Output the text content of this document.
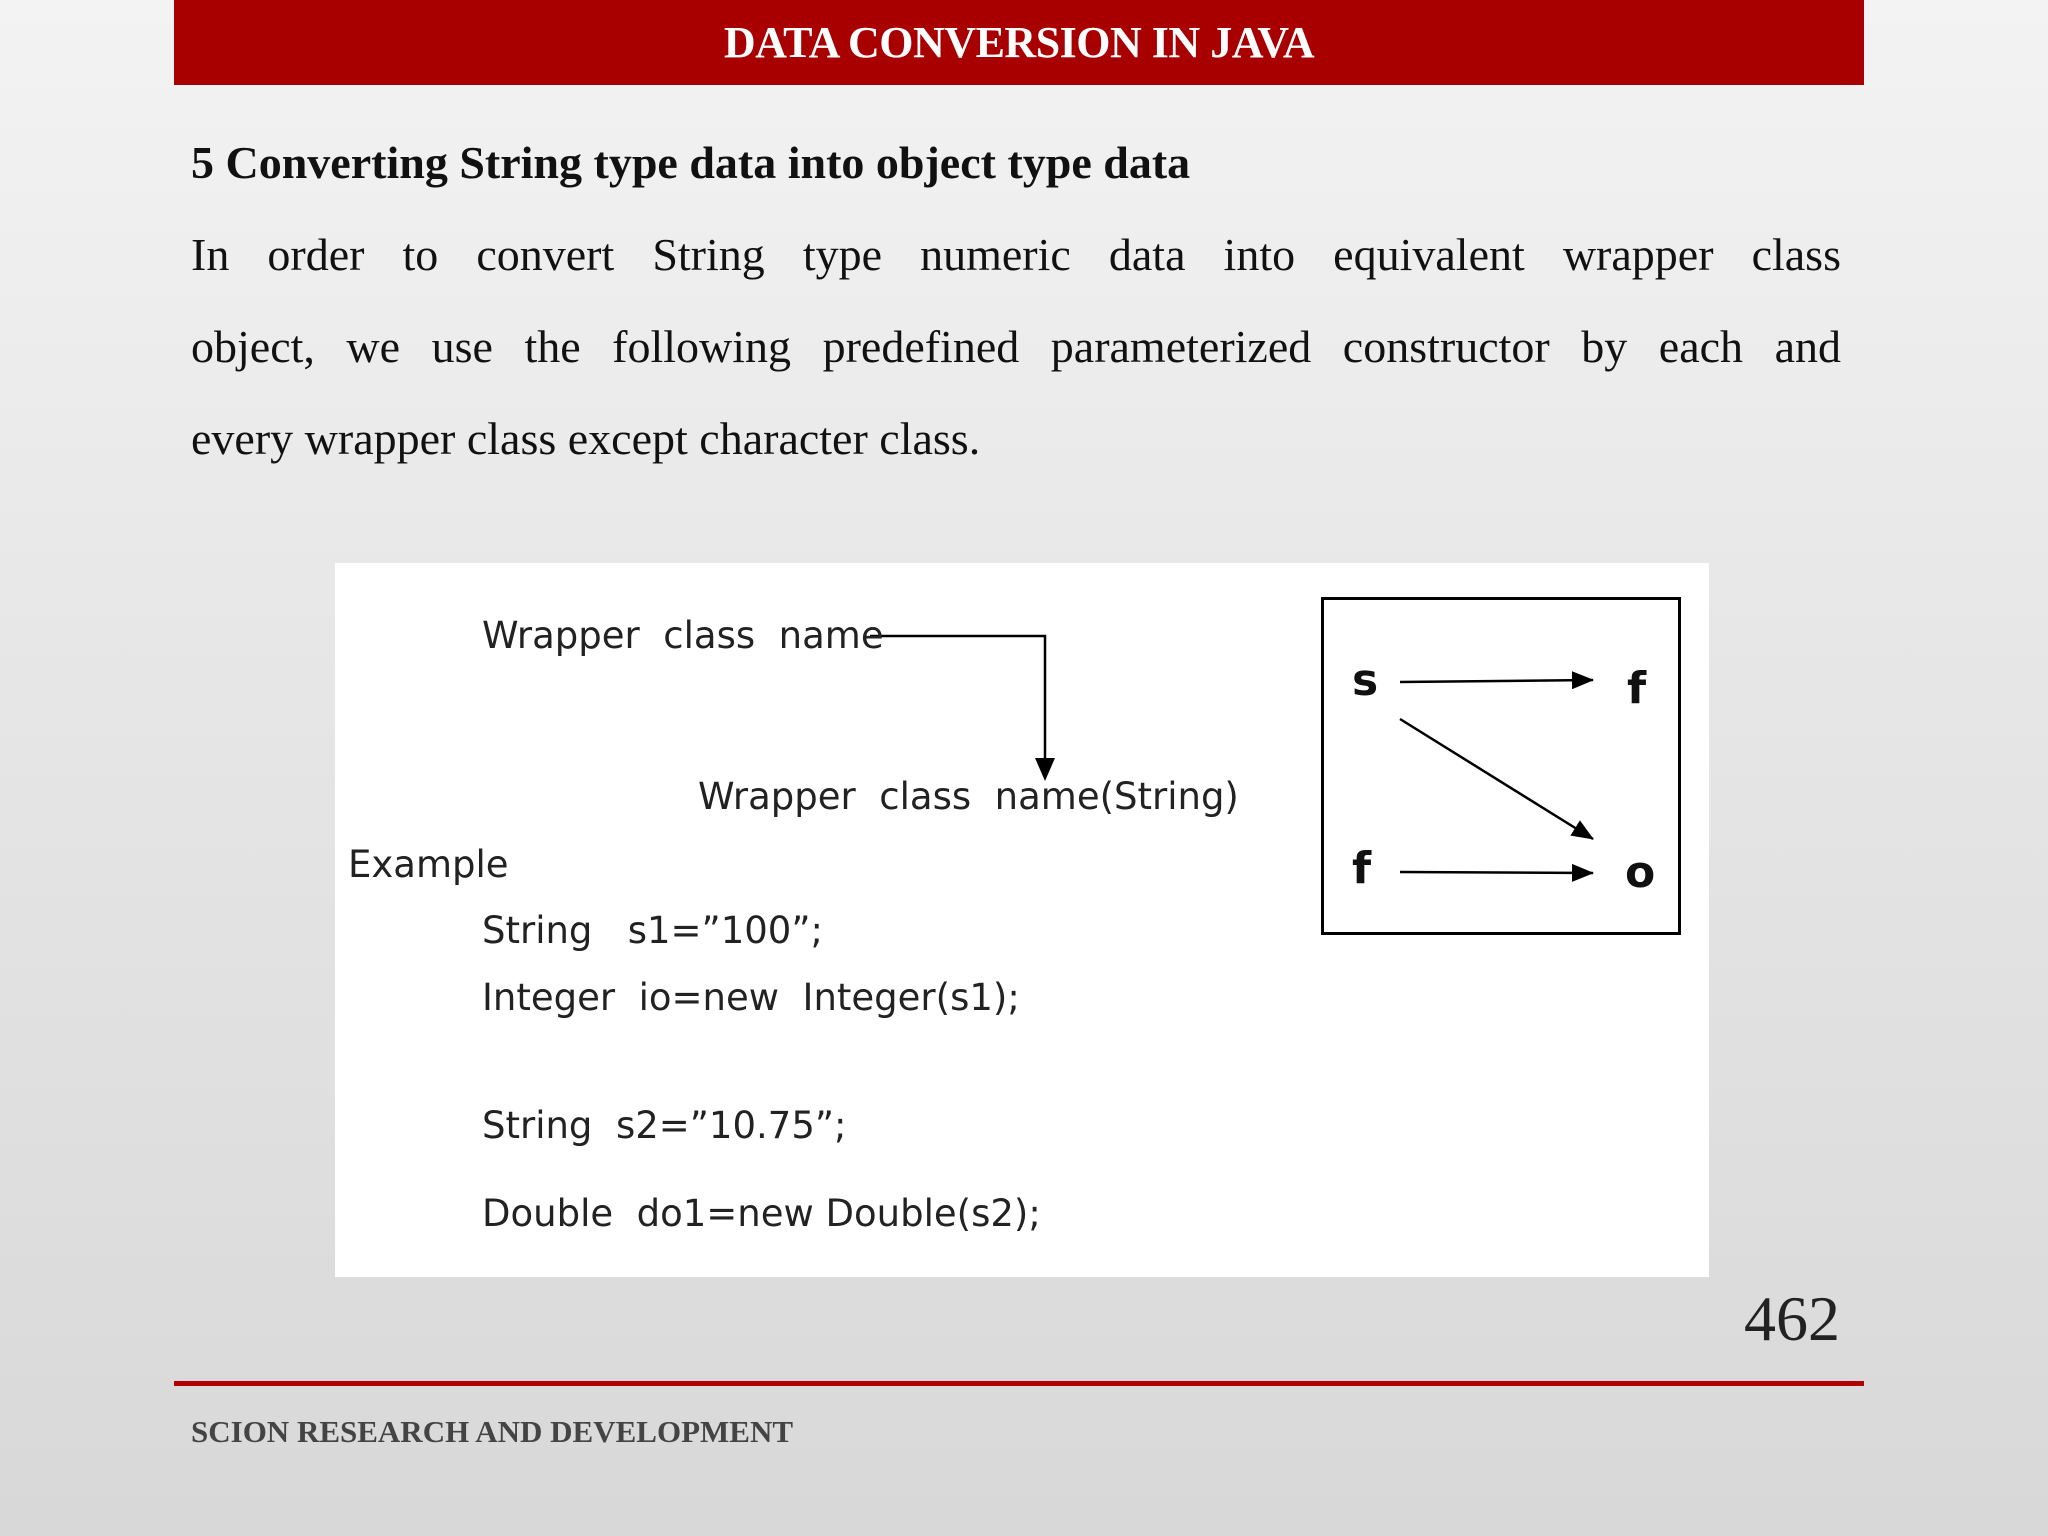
DATA CONVERSION IN JAVA
5 Converting String type data into object type data
In order to convert String type numeric data into equivalent wrapper class
object, we use the following predefined parameterized constructor by each and
every wrapper class except character class.
Wrapper  class  name
Wrapper  class  name(String)
Example
String   s1=”100”;
Integer  io=new  Integer(s1);
String  s2=”10.75”;
Double  do1=new Double(s2);
s	f
f	o
462
SCION RESEARCH AND DEVELOPMENT
